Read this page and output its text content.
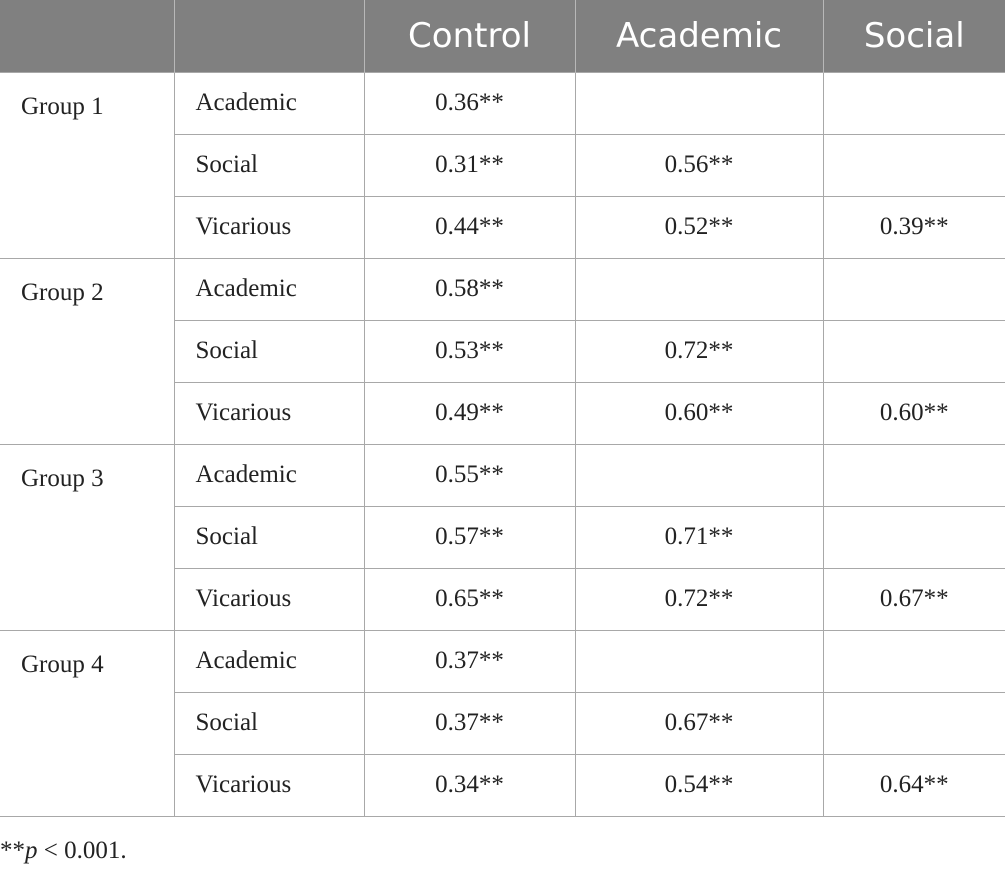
		Control	Academic	Social
Group 1	Academic	0.36**		
	Social	0.31**	0.56**	
	Vicarious	0.44**	0.52**	0.39**
Group 2	Academic	0.58**		
	Social	0.53**	0.72**	
	Vicarious	0.49**	0.60**	0.60**
Group 3	Academic	0.55**		
	Social	0.57**	0.71**	
	Vicarious	0.65**	0.72**	0.67**
Group 4	Academic	0.37**		
	Social	0.37**	0.67**	
	Vicarious	0.34**	0.54**	0.64**
**p < 0.001.
